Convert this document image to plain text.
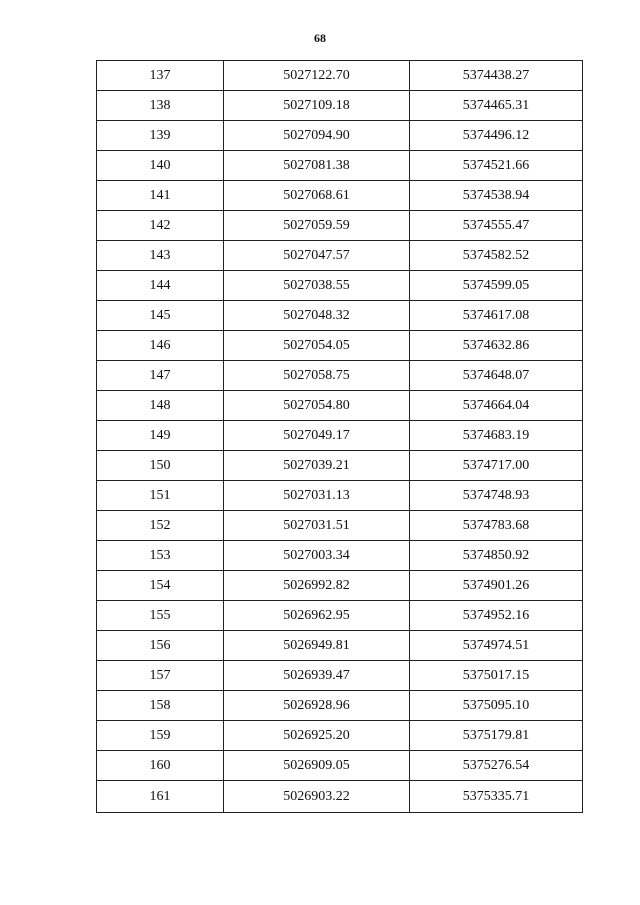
68
137	5027122.70	5374438.27
138	5027109.18	5374465.31
139	5027094.90	5374496.12
140	5027081.38	5374521.66
141	5027068.61	5374538.94
142	5027059.59	5374555.47
143	5027047.57	5374582.52
144	5027038.55	5374599.05
145	5027048.32	5374617.08
146	5027054.05	5374632.86
147	5027058.75	5374648.07
148	5027054.80	5374664.04
149	5027049.17	5374683.19
150	5027039.21	5374717.00
151	5027031.13	5374748.93
152	5027031.51	5374783.68
153	5027003.34	5374850.92
154	5026992.82	5374901.26
155	5026962.95	5374952.16
156	5026949.81	5374974.51
157	5026939.47	5375017.15
158	5026928.96	5375095.10
159	5026925.20	5375179.81
160	5026909.05	5375276.54
161	5026903.22	5375335.71
